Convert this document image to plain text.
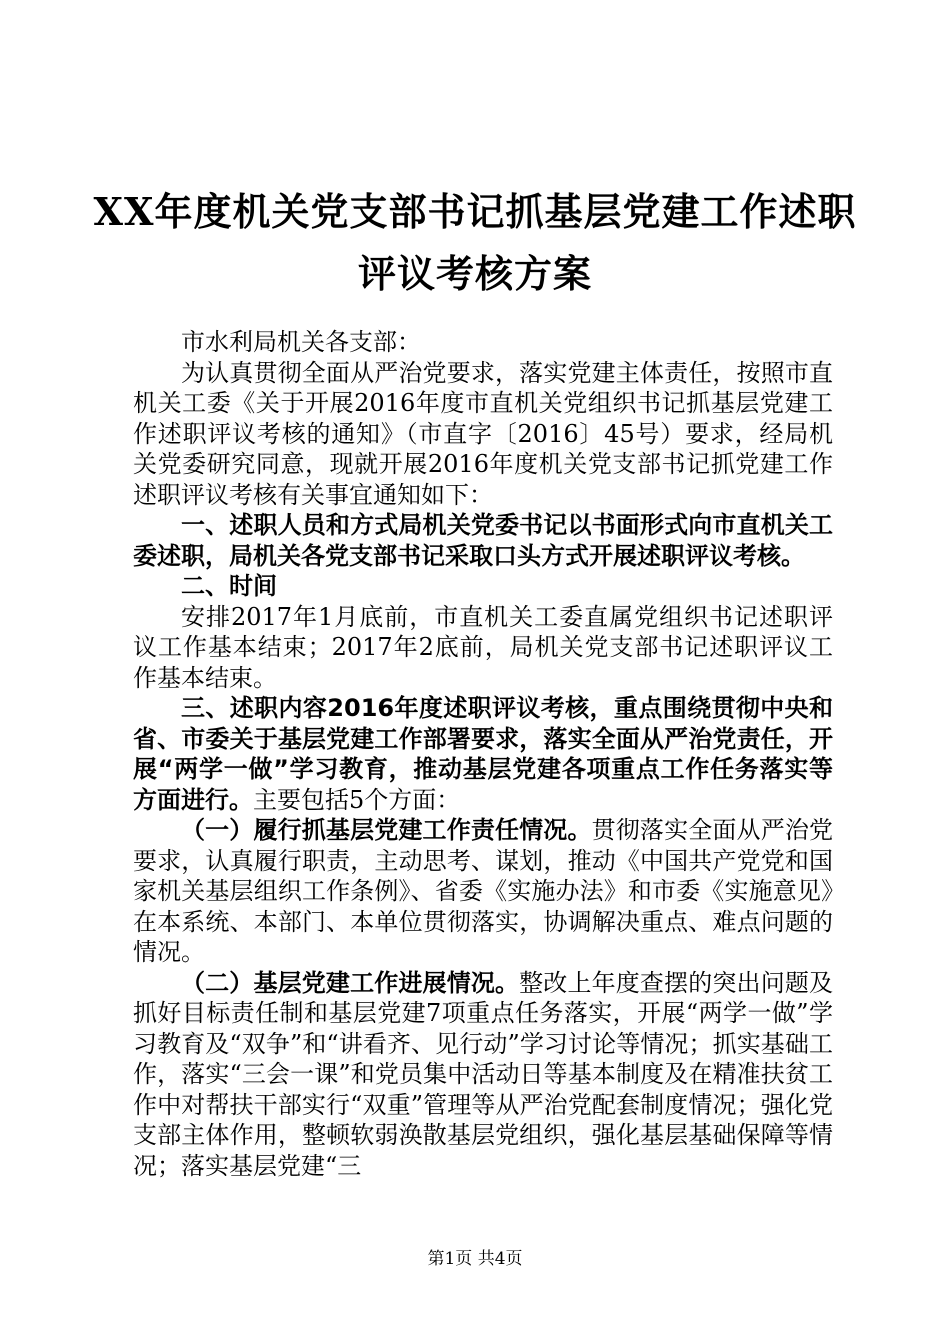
XX年度机关党支部书记抓基层党建工作述职
评议考核方案

市水利局机关各支部：

为认真贯彻全面从严治党要求，落实党建主体责任，按照市直机关工委《关于开展2016年度市直机关党组织书记抓基层党建工作述职评议考核的通知》（市直字〔2016〕45号）要求，经局机关党委研究同意，现就开展2016年度机关党支部书记抓党建工作述职评议考核有关事宜通知如下：

一、述职人员和方式局机关党委书记以书面形式向市直机关工委述职，局机关各党支部书记采取口头方式开展述职评议考核。

二、时间

安排2017年1月底前，市直机关工委直属党组织书记述职评议工作基本结束；2017年2底前，局机关党支部书记述职评议工作基本结束。

三、述职内容2016年度述职评议考核，重点围绕贯彻中央和省、市委关于基层党建工作部署要求，落实全面从严治党责任，开展“两学一做”学习教育，推动基层党建各项重点工作任务落实等方面进行。主要包括5个方面：

（一）履行抓基层党建工作责任情况。贯彻落实全面从严治党要求，认真履行职责，主动思考、谋划，推动《中国共产党党和国家机关基层组织工作条例》、省委《实施办法》和市委《实施意见》在本系统、本部门、本单位贯彻落实，协调解决重点、难点问题的情况。

（二）基层党建工作进展情况。整改上年度查摆的突出问题及抓好目标责任制和基层党建7项重点任务落实，开展“两学一做”学习教育及“双争”和“讲看齐、见行动”学习讨论等情况；抓实基础工作，落实“三会一课”和党员集中活动日等基本制度及在精准扶贫工作中对帮扶干部实行“双重”管理等从严治党配套制度情况；强化党支部主体作用，整顿软弱涣散基层党组织，强化基层基础保障等情况；落实基层党建“三

第1页 共4页
